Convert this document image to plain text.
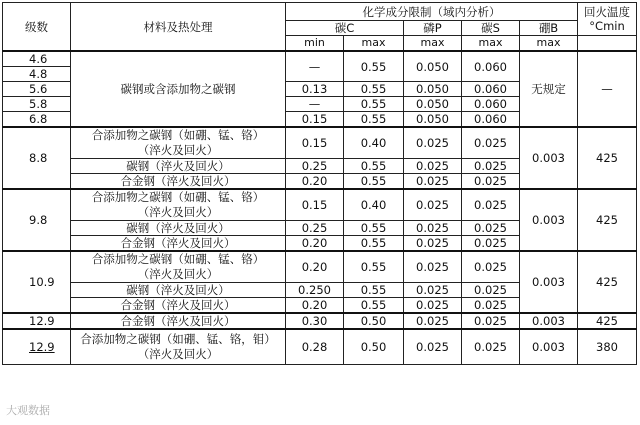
级数	材料及热处理	化学成分限制（域内分析）					回火温度
°Cmin

		碳C		磷P	碳S	硼B	
		min	max	max	max	max	
4.6	碳钢或含添加物之碳钢	—	0.55	0.050	0.060	无规定	—
4.8							
5.6		0.13	0.55	0.050	0.060		
5.8		—	0.55	0.050	0.060		
6.8		0.15	0.55	0.050	0.060		
8.8	合添加物之碳钢（如硼、锰、铬）
（淬火及回火）	0.15	0.40	0.025	0.025	0.003	425
	碳钢（淬火及回火）	0.25	0.55	0.025	0.025		
	合金钢（淬火及回火）	0.20	0.55	0.025	0.025		
9.8	合添加物之碳钢（如硼、锰、铬）
（淬火及回火）	0.15	0.40	0.025	0.025	0.003	425
	碳钢（淬火及回火）	0.25	0.55	0.025	0.025		
	合金钢（淬火及回火）	0.20	0.55	0.025	0.025		
10.9	合添加物之碳钢（如硼、锰、铬）
（淬火及回火）	0.20	0.55	0.025	0.025	0.003	425
	碳钢（淬火及回火）	0.250	0.55	0.025	0.025		
	合金钢（淬火及回火）	0.20	0.55	0.025	0.025		
12.9	合金钢（淬火及回火）	0.30	0.50	0.025	0.025	0.003	425
12.9	合添加物之碳钢（如硼、锰、铬，钼）
（淬火及回火）	0.28	0.50	0.025	0.025	0.003	380
大观数据
